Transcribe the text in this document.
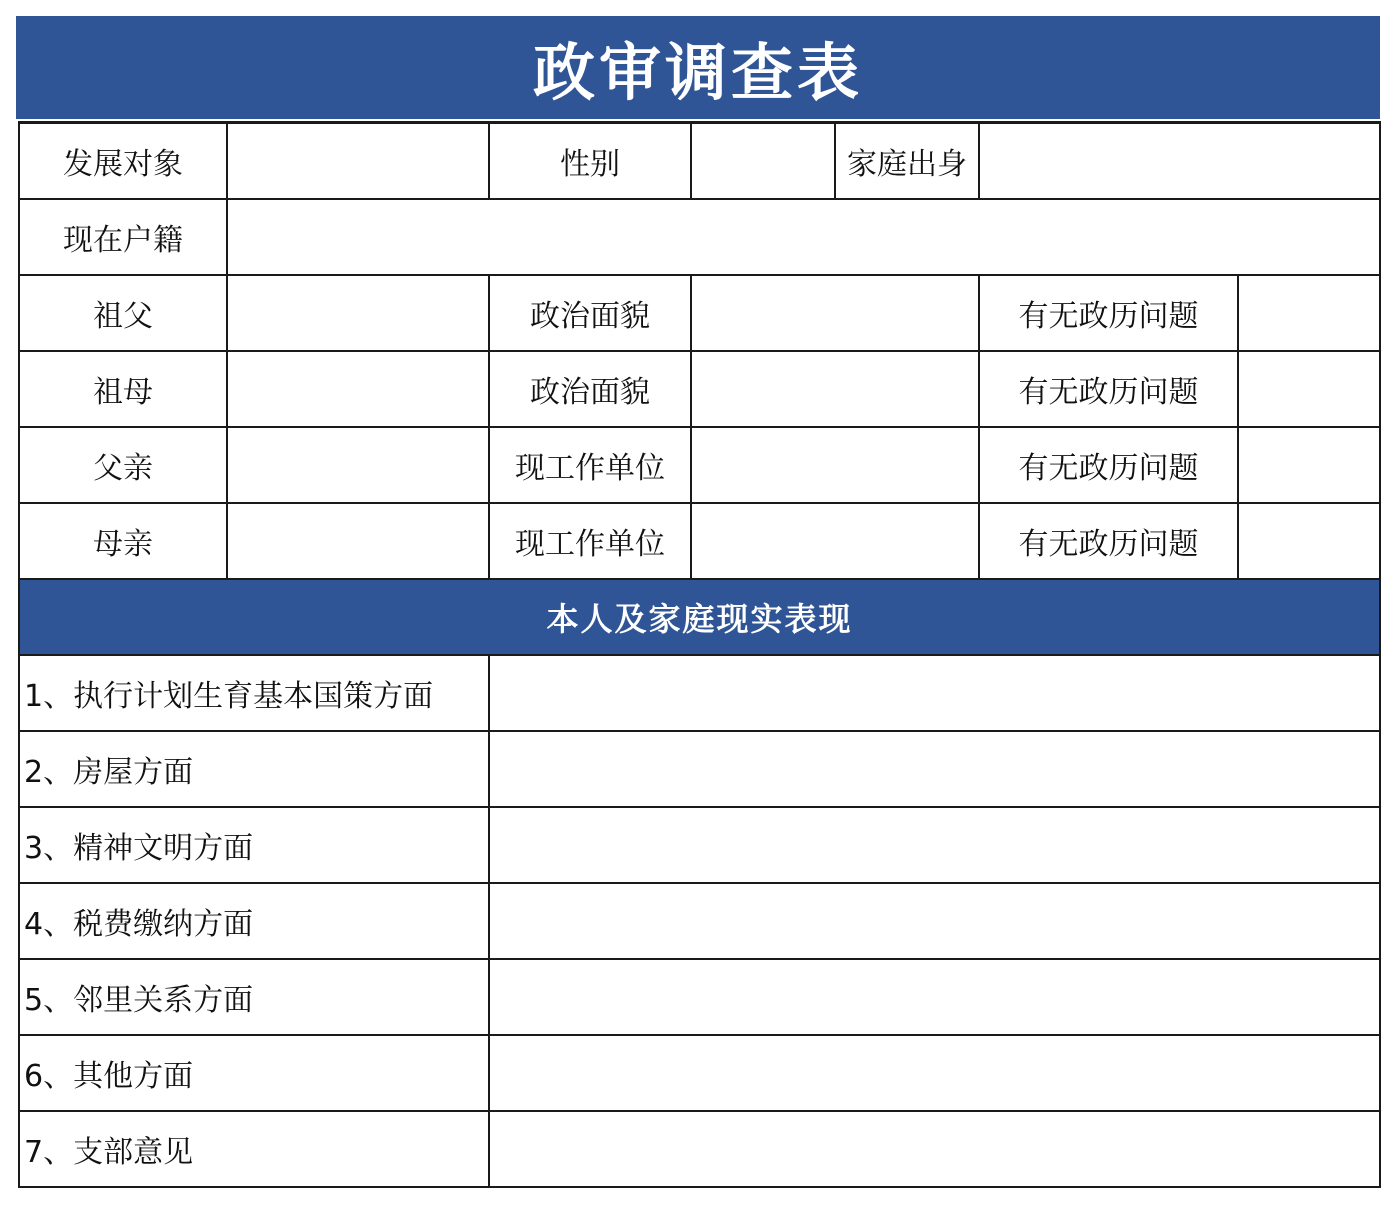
政审调查表
发展对象		性别		家庭出身		
现在户籍						
祖父		政治面貌			有无政历问题	
祖母		政治面貌			有无政历问题	
父亲		现工作单位			有无政历问题	
母亲		现工作单位			有无政历问题	
本人及家庭现实表现						
1、执行计划生育基本国策方面						
2、房屋方面						
3、精神文明方面						
4、税费缴纳方面						
5、邻里关系方面						
6、其他方面						
7、支部意见						
